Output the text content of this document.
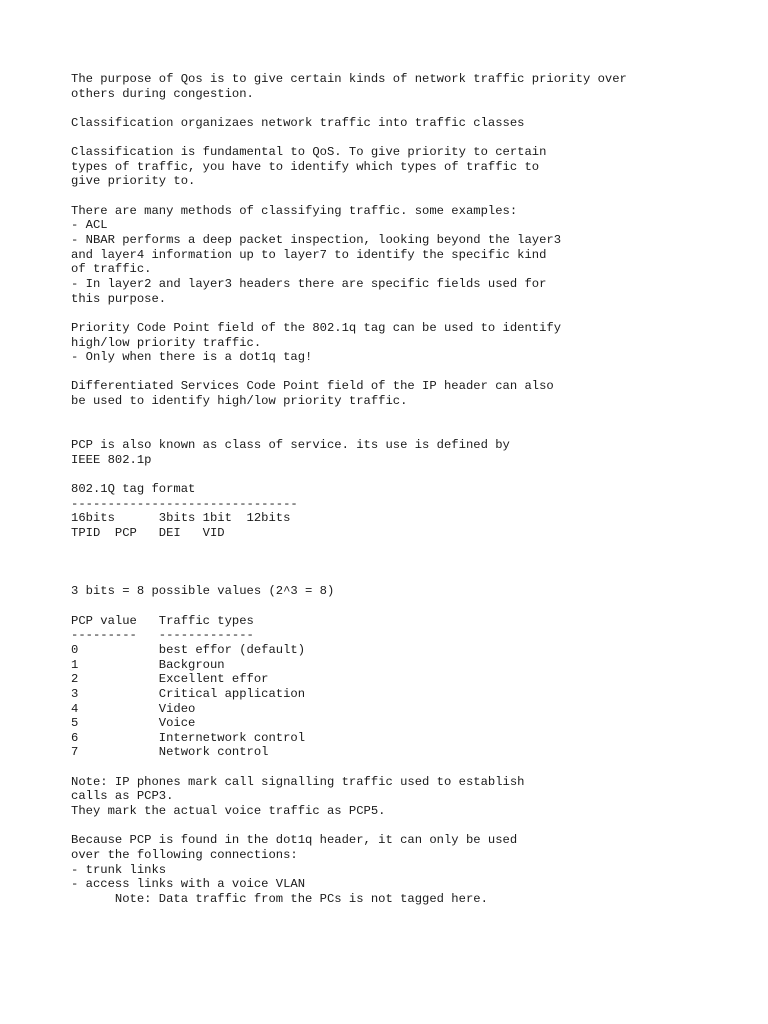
The purpose of Qos is to give certain kinds of network traffic priority over
others during congestion.
Classification organizaes network traffic into traffic classes
Classification is fundamental to QoS. To give priority to certain
types of traffic, you have to identify which types of traffic to
give priority to.
There are many methods of classifying traffic. some examples:
- ACL
- NBAR performs a deep packet inspection, looking beyond the layer3
and layer4 information up to layer7 to identify the specific kind
of traffic.
- In layer2 and layer3 headers there are specific fields used for
this purpose.
Priority Code Point field of the 802.1q tag can be used to identify
high/low priority traffic.
- Only when there is a dot1q tag!
Differentiated Services Code Point field of the IP header can also
be used to identify high/low priority traffic.
PCP is also known as class of service. its use is defined by
IEEE 802.1p
802.1Q tag format
-------------------------------
16bits      3bits 1bit  12bits
TPID  PCP   DEI   VID
3 bits = 8 possible values (2^3 = 8)
PCP value   Traffic types
---------   -------------
0           best effor (default)
1           Backgroun
2           Excellent effor
3           Critical application
4           Video
5           Voice
6           Internetwork control
7           Network control
Note: IP phones mark call signalling traffic used to establish
calls as PCP3.
They mark the actual voice traffic as PCP5.
Because PCP is found in the dot1q header, it can only be used
over the following connections:
- trunk links
- access links with a voice VLAN
Note: Data traffic from the PCs is not tagged here.
